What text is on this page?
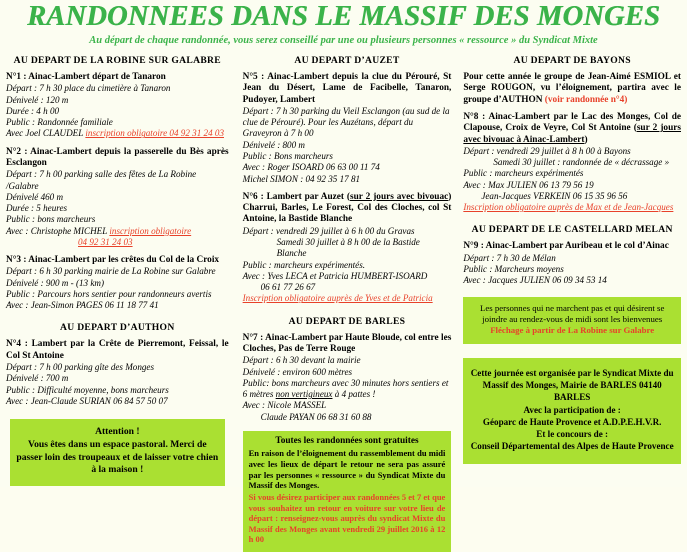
RANDONNEES DANS LE MASSIF DES MONGES
Au départ de chaque randonnée, vous serez conseillé par une ou plusieurs personnes « ressource » du Syndicat Mixte
AU DEPART DE LA ROBINE SUR GALABRE
N°1 : Ainac-Lambert départ de Tanaron
Départ : 7 h 30 place du cimetière à Tanaron
Dénivelé : 120 m
Durée : 4 h 00
Public : Randonnée familiale
Avec Joel CLAUDEL inscription obligatoire 04 92 31 24 03
N°2 : Ainac-Lambert depuis la passerelle du Bès après Esclangon
Départ : 7 h 00 parking salle des fêtes de La Robine /Galabre
Dénivelé 460 m
Durée : 5 heures
Public : bons marcheurs
Avec : Christophe MICHEL inscription obligatoire
04 92 31 24 03
N°3 : Ainac-Lambert par les crêtes du Col de la Croix
Départ : 6 h 30 parking mairie de La Robine sur Galabre
Dénivelé : 900 m - (13 km)
Public : Parcours hors sentier pour randonneurs avertis
Avec : Jean-Simon PAGES 06 11 18 77 41
AU DEPART D’AUTHON
N°4 : Lambert par la Crête de Pierremont, Feissal, le Col St Antoine
Départ : 7 h 00 parking gîte des Monges
Dénivelé : 700 m
Public : Difficulté moyenne, bons marcheurs
Avec : Jean-Claude SURIAN 06 84 57 50 07
Attention !
Vous êtes dans un espace pastoral. Merci de passer loin des troupeaux et de laisser votre chien à la maison !
AU DEPART D’AUZET
N°5 : Ainac-Lambert depuis la clue du Pérouré, St Jean du Désert, Lame de Facibelle, Tanaron, Pudoyer, Lambert
Départ : 7 h 30 parking du Vieil Esclangon (au sud de la clue de Pérouré). Pour les Auzétans, départ du Graveyron à 7 h 00
Dénivelé : 800 m
Public : Bons marcheurs
Avec : Roger ISOARD 06 63 00 11 74
Michel SIMON : 04 92 35 17 81
N°6 : Lambert par Auzet (sur 2 jours avec bivouac) Charrui, Barles, Le Forest, Col des Cloches, col St Antoine, la Bastide Blanche
Départ : vendredi 29 juillet à 6 h 00 du Gravas
Samedi 30 juillet à 8 h 00 de la Bastide Blanche
Public : marcheurs expérimentés.
Avec : Yves LECA et Patricia HUMBERT-ISOARD
06 61 77 26 67
Inscription obligatoire auprès de Yves et de Patricia
AU DEPART DE BARLES
N°7 : Ainac-Lambert par Haute Bloude, col entre les Cloches, Pas de Terre Rouge
Départ : 6 h 30 devant la mairie
Dénivelé : environ 600 mètres
Public: bons marcheurs avec 30 minutes hors sentiers et 6 mètres non vertigineux à 4 pattes !
Avec : Nicole MASSEL
Claude PAYAN 06 68 31 60 88
Toutes les randonnées sont gratuites
En raison de l’éloignement du rassemblement du midi avec les lieux de départ le retour ne sera pas assuré par les personnes « ressource » du Syndicat Mixte du Massif des Monges.
Si vous désirez participer aux randonnées 5 et 7 et que vous souhaitez un retour en voiture sur votre lieu de départ : renseignez-vous auprès du syndicat Mixte du Massif des Monges avant vendredi 29 juillet 2016 à 12 h 00
AU DEPART DE BAYONS
Pour cette année le groupe de Jean-Aimé ESMIOL et Serge ROUGON, vu l’éloignement, partira avec le groupe d’AUTHON (voir randonnée n°4)
N°8 : Ainac-Lambert par le Lac des Monges, Col de Clapouse, Croix de Veyre, Col St Antoine (sur 2 jours avec bivouac à Ainac-Lambert)
Départ : vendredi 29 juillet à 8 h 00 à Bayons
Samedi 30 juillet : randonnée de « décrassage »
Public : marcheurs expérimentés
Avec : Max JULIEN 06 13 79 56 19
Jean-Jacques VERKEIN 06 15 35 96 56
Inscription obligatoire auprès de Max et de Jean-Jacques
AU DEPART DE LE CASTELLARD MELAN
N°9 : Ainac-Lambert par Auribeau et le col d’Ainac
Départ : 7 h 30 de Mélan
Public : Marcheurs moyens
Avec : Jacques JULIEN 06 09 34 53 14
Les personnes qui ne marchent pas et qui désirent se joindre au rendez-vous de midi sont les bienvenues
Fléchage à partir de La Robine sur Galabre
Cette journée est organisée par le Syndicat Mixte du Massif des Monges, Mairie de BARLES 04140 BARLES
Avec la participation de :
Géoparc de Haute Provence et A.D.P.E.H.V.R.
Et le concours de :
Conseil Départemental des Alpes de Haute Provence
